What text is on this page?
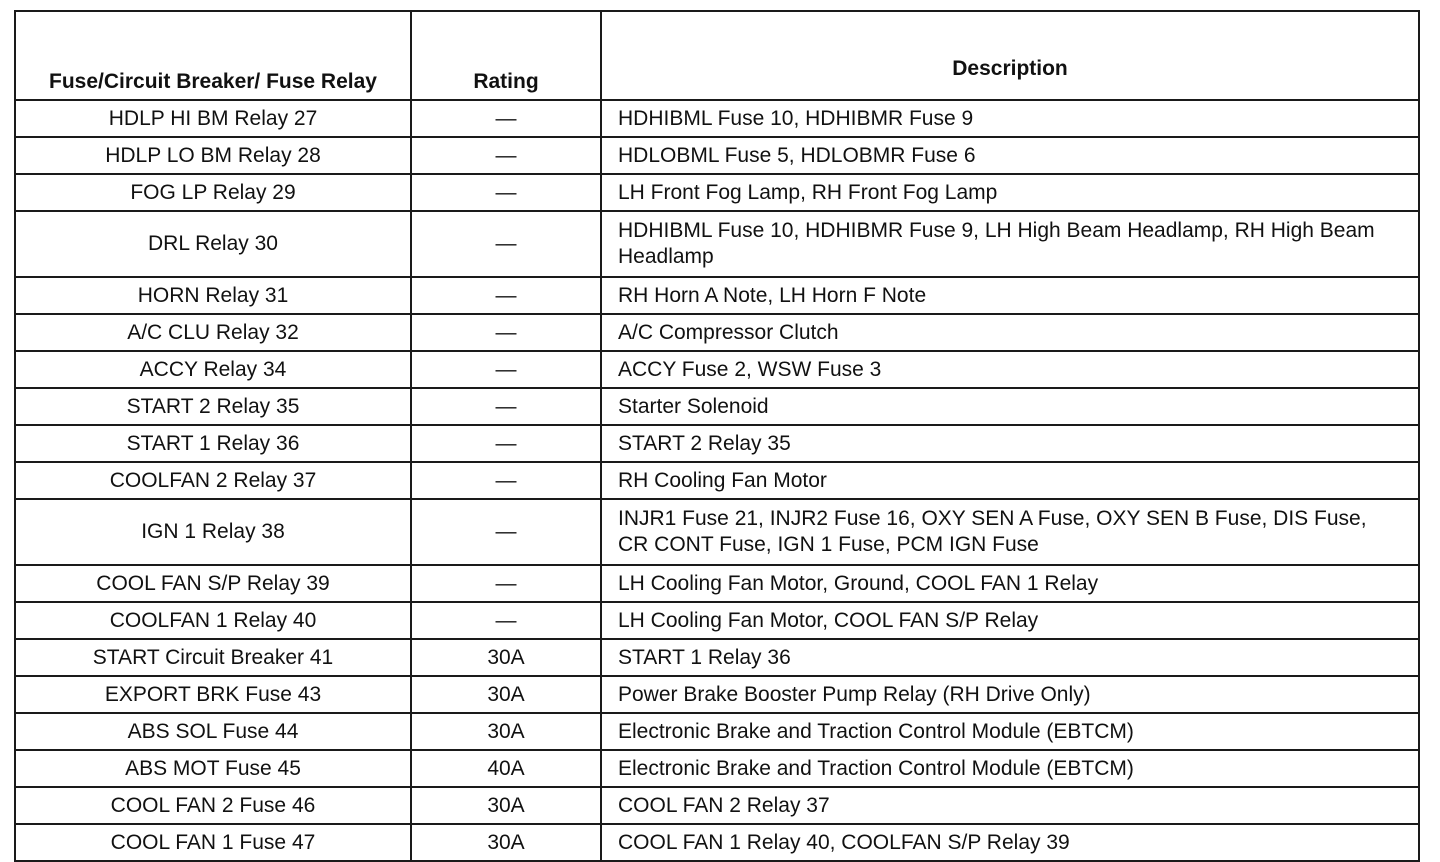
Fuse/Circuit Breaker/ Fuse Relay	Rating	Description
HDLP HI BM Relay 27	—	HDHIBML Fuse 10, HDHIBMR Fuse 9
HDLP LO BM Relay 28	—	HDLOBML Fuse 5, HDLOBMR Fuse 6
FOG LP Relay 29	—	LH Front Fog Lamp, RH Front Fog Lamp
DRL Relay 30	—	HDHIBML Fuse 10, HDHIBMR Fuse 9, LH High Beam Headlamp, RH High Beam Headlamp
HORN Relay 31	—	RH Horn A Note, LH Horn F Note
A/C CLU Relay 32	—	A/C Compressor Clutch
ACCY Relay 34	—	ACCY Fuse 2, WSW Fuse 3
START 2 Relay 35	—	Starter Solenoid
START 1 Relay 36	—	START 2 Relay 35
COOLFAN 2 Relay 37	—	RH Cooling Fan Motor
IGN 1 Relay 38	—	INJR1 Fuse 21, INJR2 Fuse 16, OXY SEN A Fuse, OXY SEN B Fuse, DIS Fuse, CR CONT Fuse, IGN 1 Fuse, PCM IGN Fuse
COOL FAN S/P Relay 39	—	LH Cooling Fan Motor, Ground, COOL FAN 1 Relay
COOLFAN 1 Relay 40	—	LH Cooling Fan Motor, COOL FAN S/P Relay
START Circuit Breaker 41	30A	START 1 Relay 36
EXPORT BRK Fuse 43	30A	Power Brake Booster Pump Relay (RH Drive Only)
ABS SOL Fuse 44	30A	Electronic Brake and Traction Control Module (EBTCM)
ABS MOT Fuse 45	40A	Electronic Brake and Traction Control Module (EBTCM)
COOL FAN 2 Fuse 46	30A	COOL FAN 2 Relay 37
COOL FAN 1 Fuse 47	30A	COOL FAN 1 Relay 40, COOLFAN S/P Relay 39
